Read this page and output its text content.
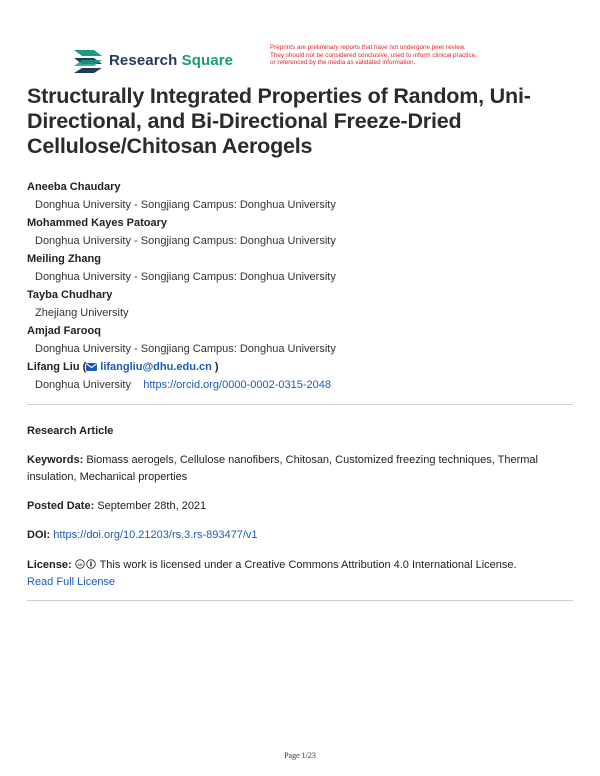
Research Square
Preprints are preliminary reports that have not undergone peer review.
They should not be considered conclusive, used to inform clinical practice,
or referenced by the media as validated information.
Structurally Integrated Properties of Random, Uni-Directional, and Bi-Directional Freeze-Dried Cellulose/Chitosan Aerogels
Aneeba Chaudary
Donghua University - Songjiang Campus: Donghua University
Mohammed Kayes Patoary
Donghua University - Songjiang Campus: Donghua University
Meiling Zhang
Donghua University - Songjiang Campus: Donghua University
Tayba Chudhary
Zhejiang University
Amjad Farooq
Donghua University - Songjiang Campus: Donghua University
Lifang Liu ( lifangliu@dhu.edu.cn )
Donghua University https://orcid.org/0000-0002-0315-2048
Research Article
Keywords: Biomass aerogels, Cellulose nanofibers, Chitosan, Customized freezing techniques, Thermal insulation, Mechanical properties
Posted Date: September 28th, 2021
DOI: https://doi.org/10.21203/rs.3.rs-893477/v1
License: cc This work is licensed under a Creative Commons Attribution 4.0 International License.
Read Full License
Page 1/23
